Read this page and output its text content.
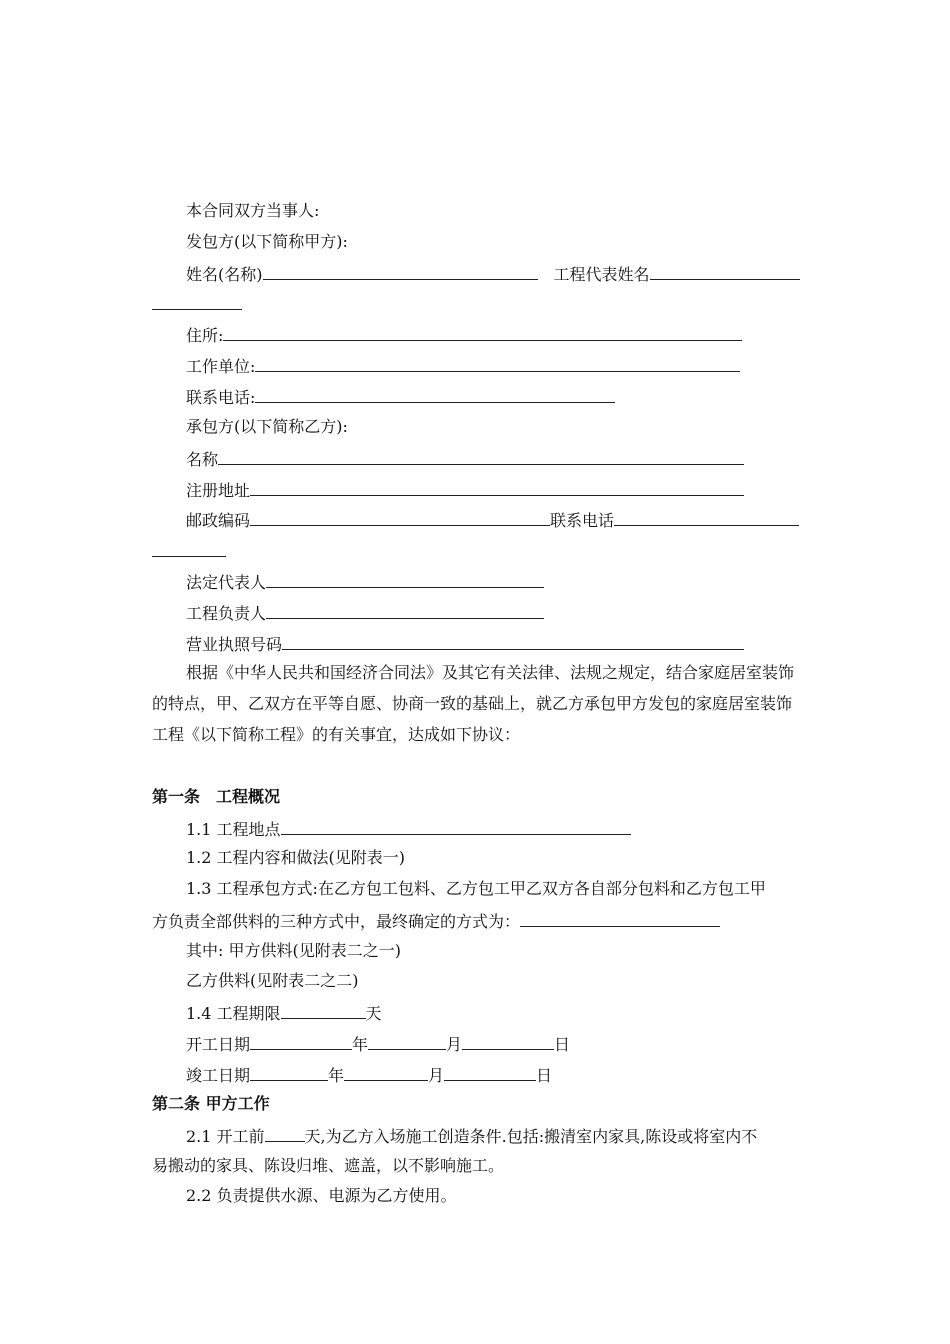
本合同双方当事人:
发包方(以下简称甲方):
姓名(名称)	工程代表姓名
住所:
工作单位:
联系电话:
承包方(以下简称乙方):
名称
注册地址
邮政编码	联系电话
法定代表人
工程负责人
营业执照号码
根据《中华人民共和国经济合同法》及其它有关法律、法规之规定，结合家庭居室装饰
的特点，甲、乙双方在平等自愿、协商一致的基础上，就乙方承包甲方发包的家庭居室装饰
工程《以下简称工程》的有关事宜，达成如下协议：
第一条 工程概况
1.1 工程地点
1.2 工程内容和做法(见附表一)
1.3 工程承包方式:在乙方包工包料、乙方包工甲乙双方各自部分包料和乙方包工甲
方负责全部供料的三种方式中，最终确定的方式为：
其中: 甲方供料(见附表二之一)
乙方供料(见附表二之二)
1.4 工程期限	天
开工日期	年	月	日
竣工日期	年	月	日
第二条 甲方工作
2.1 开工前	天,为乙方入场施工创造条件.包括:搬清室内家具,陈设或将室内不
易搬动的家具、陈设归堆、遮盖，以不影响施工。
2.2 负责提供水源、电源为乙方使用。
